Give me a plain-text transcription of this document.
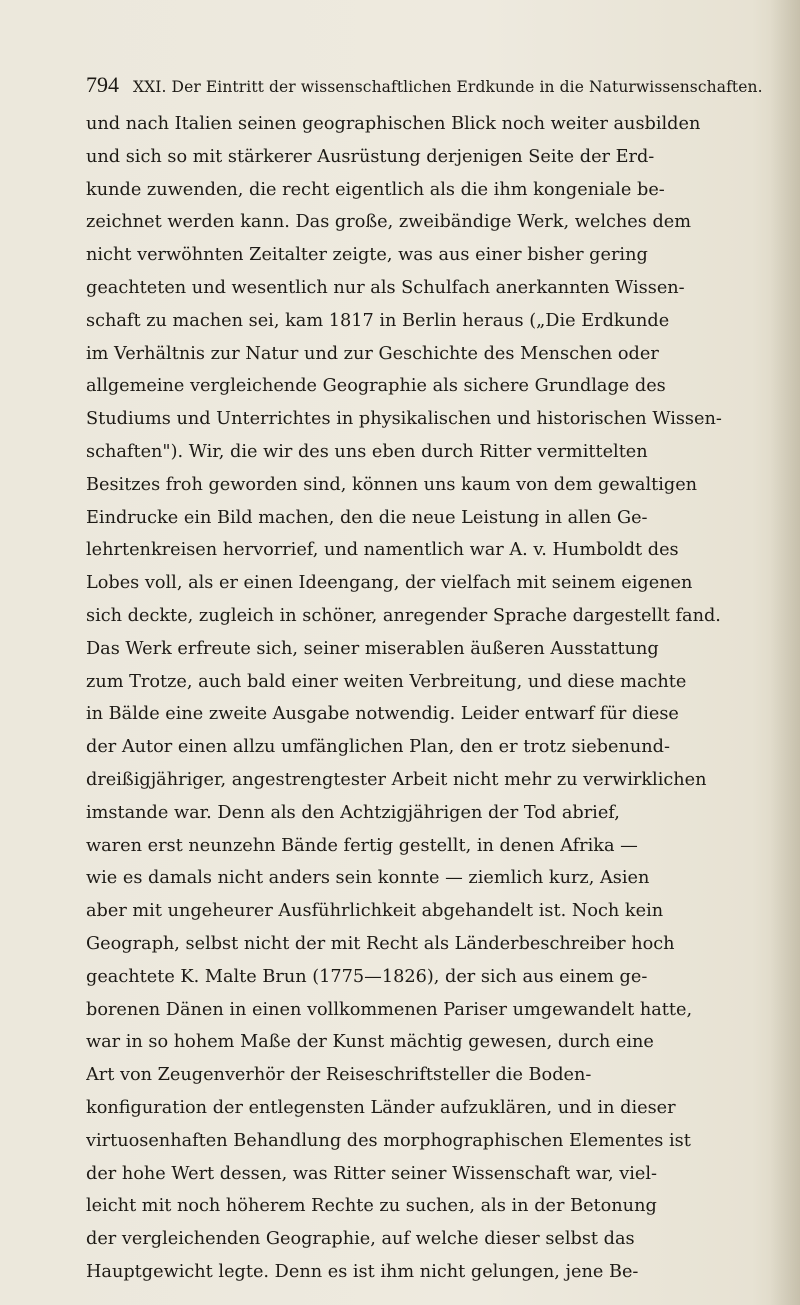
794 XXI. Der Eintritt der wissenschaftlichen Erdkunde in die Naturwissenschaften.
und nach Italien seinen geographischen Blick noch weiter ausbilden
und sich so mit stärkerer Ausrüstung derjenigen Seite der Erd-
kunde zuwenden, die recht eigentlich als die ihm kongeniale be-
zeichnet werden kann. Das große, zweibändige Werk, welches dem
nicht verwöhnten Zeitalter zeigte, was aus einer bisher gering
geachteten und wesentlich nur als Schulfach anerkannten Wissen-
schaft zu machen sei, kam 1817 in Berlin heraus („Die Erdkunde
im Verhältnis zur Natur und zur Geschichte des Menschen oder
allgemeine vergleichende Geographie als sichere Grundlage des
Studiums und Unterrichtes in physikalischen und historischen Wissen-
schaften"). Wir, die wir des uns eben durch Ritter vermittelten
Besitzes froh geworden sind, können uns kaum von dem gewaltigen
Eindrucke ein Bild machen, den die neue Leistung in allen Ge-
lehrtenkreisen hervorrief, und namentlich war A. v. Humboldt des
Lobes voll, als er einen Ideengang, der vielfach mit seinem eigenen
sich deckte, zugleich in schöner, anregender Sprache dargestellt fand.
Das Werk erfreute sich, seiner miserablen äußeren Ausstattung
zum Trotze, auch bald einer weiten Verbreitung, und diese machte
in Bälde eine zweite Ausgabe notwendig. Leider entwarf für diese
der Autor einen allzu umfänglichen Plan, den er trotz siebenund-
dreißigjähriger, angestrengtester Arbeit nicht mehr zu verwirklichen
imstande war. Denn als den Achtzigjährigen der Tod abrief,
waren erst neunzehn Bände fertig gestellt, in denen Afrika —
wie es damals nicht anders sein konnte — ziemlich kurz, Asien
aber mit ungeheurer Ausführlichkeit abgehandelt ist. Noch kein
Geograph, selbst nicht der mit Recht als Länderbeschreiber hoch
geachtete K. Malte Brun (1775—1826), der sich aus einem ge-
borenen Dänen in einen vollkommenen Pariser umgewandelt hatte,
war in so hohem Maße der Kunst mächtig gewesen, durch eine
Art von Zeugenverhör der Reiseschriftsteller die Boden-
konfiguration der entlegensten Länder aufzuklären, und in dieser
virtuosenhaften Behandlung des morphographischen Elementes ist
der hohe Wert dessen, was Ritter seiner Wissenschaft war, viel-
leicht mit noch höherem Rechte zu suchen, als in der Betonung
der vergleichenden Geographie, auf welche dieser selbst das
Hauptgewicht legte. Denn es ist ihm nicht gelungen, jene Be-
